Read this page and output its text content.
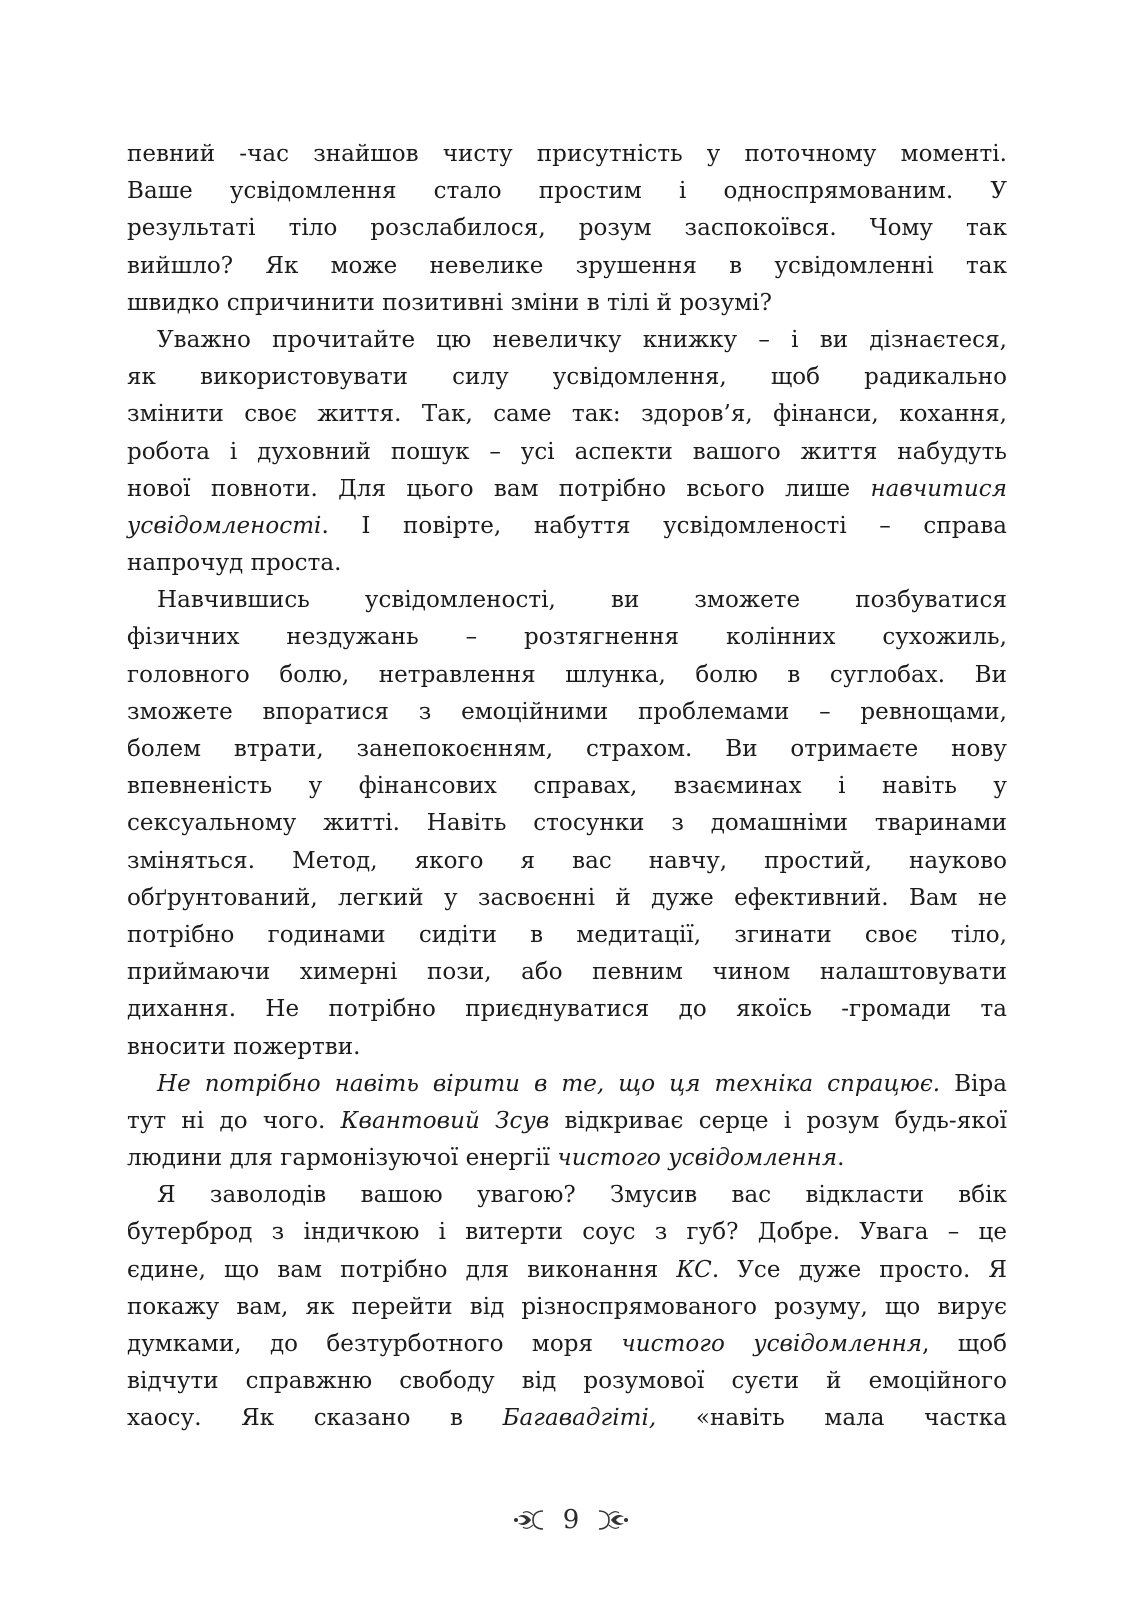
певний -час знайшов чисту присутність у поточному моменті.
Ваше усвідомлення стало простим і односпрямованим. У
результаті тіло розслабилося, розум заспокоївся. Чому так
вийшло? Як може невелике зрушення в усвідомленні так
швидко спричинити позитивні зміни в тілі й розумі?
Уважно прочитайте цю невеличку книжку – і ви дізнаєтеся,
як використовувати силу усвідомлення, щоб радикально
змінити своє життя. Так, саме так: здоров’я, фінанси, кохання,
робота і духовний пошук – усі аспекти вашого життя набудуть
нової повноти. Для цього вам потрібно всього лише навчитися
усвідомленості. І повірте, набуття усвідомленості – справа
напрочуд проста.
Навчившись усвідомленості, ви зможете позбуватися
фізичних нездужань – розтягнення колінних сухожиль,
головного болю, нетравлення шлунка, болю в суглобах. Ви
зможете впоратися з емоційними проблемами – ревнощами,
болем втрати, занепокоєнням, страхом. Ви отримаєте нову
впевненість у фінансових справах, взаєминах і навіть у
сексуальному житті. Навіть стосунки з домашніми тваринами
зміняться. Метод, якого я вас навчу, простий, науково
обґрунтований, легкий у засвоєнні й дуже ефективний. Вам не
потрібно годинами сидіти в медитації, згинати своє тіло,
приймаючи химерні пози, або певним чином налаштовувати
дихання. Не потрібно приєднуватися до якоїсь -громади та
вносити пожертви.
Не потрібно навіть вірити в те, що ця техніка спрацює. Віра
тут ні до чого. Квантовий Зсув відкриває серце і розум будь-якої
людини для гармонізуючої енергії чистого усвідомлення.
Я заволодів вашою увагою? Змусив вас відкласти вбік
бутерброд з індичкою і витерти соус з губ? Добре. Увага – це
єдине, що вам потрібно для виконання КС. Усе дуже просто. Я
покажу вам, як перейти від різноспрямованого розуму, що вирує
думками, до безтурботного моря чистого усвідомлення, щоб
відчути справжню свободу від розумової суєти й емоційного
хаосу. Як сказано в Багавадгіті, «навіть мала частка
9
